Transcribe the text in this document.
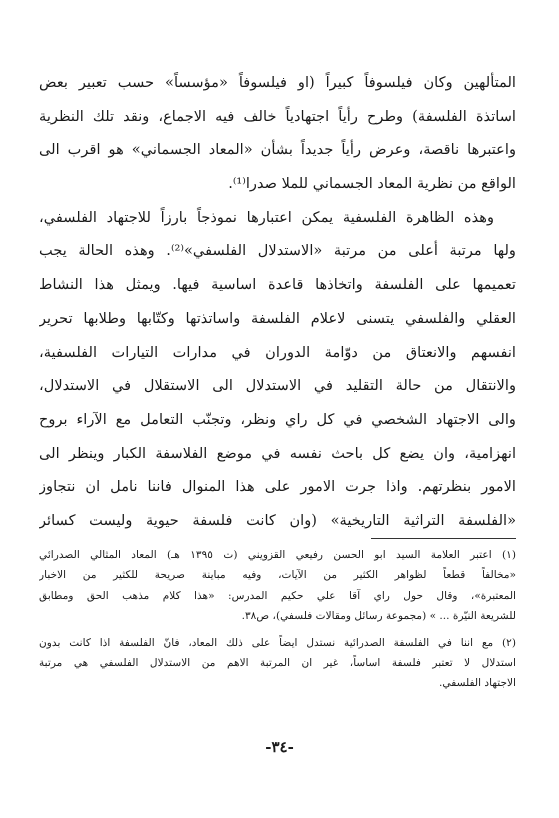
المتألهين وكان فيلسوفاً كبيراً (او فيلسوفاً «مؤسساً» حسب تعبير بعض
اساتذة الفلسفة) وطرح رأياً اجتهادياً خالف فيه الاجماع، ونقد تلك النظرية
واعتبرها ناقصة، وعرض رأياً جديداً بشأن «المعاد الجسماني» هو اقرب الى
الواقع من نظرية المعاد الجسماني للملا صدرا⁽¹⁾.
وهذه الظاهرة الفلسفية يمكن اعتبارها نموذجاً بارزاً للاجتهاد الفلسفي،
ولها مرتبة أعلى من مرتبة «الاستدلال الفلسفي»⁽²⁾. وهذه الحالة يجب
تعميمها على الفلسفة واتخاذها قاعدة اساسية فيها. ويمثل هذا النشاط
العقلي والفلسفي يتسنى لاعلام الفلسفة واساتذتها وكتّابها وطلابها تحرير
انفسهم والانعتاق من دوّامة الدوران في مدارات التيارات الفلسفية،
والانتقال من حالة التقليد في الاستدلال الى الاستقلال في الاستدلال،
والى الاجتهاد الشخصي في كل راي ونظر، وتجنّب التعامل مع الآراء بروح
انهزامية، وان يضع كل باحث نفسه في موضع الفلاسفة الكبار وينظر الى
الامور بنظرتهم. واذا جرت الامور على هذا المنوال فاننا نامل ان نتجاوز
«الفلسفة التراثية التاريخية» (وان كانت فلسفة حيوية وليست كسائر
(١) اعتبر العلامة السيد ابو الحسن رفيعي القزويني (ت ١٣٩٥ هـ) المعاد المثالي الصدرائي
«مخالفاً قطعاً لظواهر الكثير من الآيات، وفيه مباينة صريحة للكثير من الاخبار
المعتبرة»، وقال حول راي آقا علي حكيم المدرس: «هذا كلام مذهب الحق ومطابق
للشريعة النيّرة ... » (مجموعة رسائل ومقالات فلسفي)، ص٣٨.
(٢) مع اننا في الفلسفة الصدرائية نستدل ايضاً على ذلك المعاد، فانّ الفلسفة اذا كانت بدون
استدلال لا تعتبر فلسفة اساساً، غير ان المرتبة الاهم من الاستدلال الفلسفي هي مرتبة
الاجتهاد الفلسفي.
-٣٤-
